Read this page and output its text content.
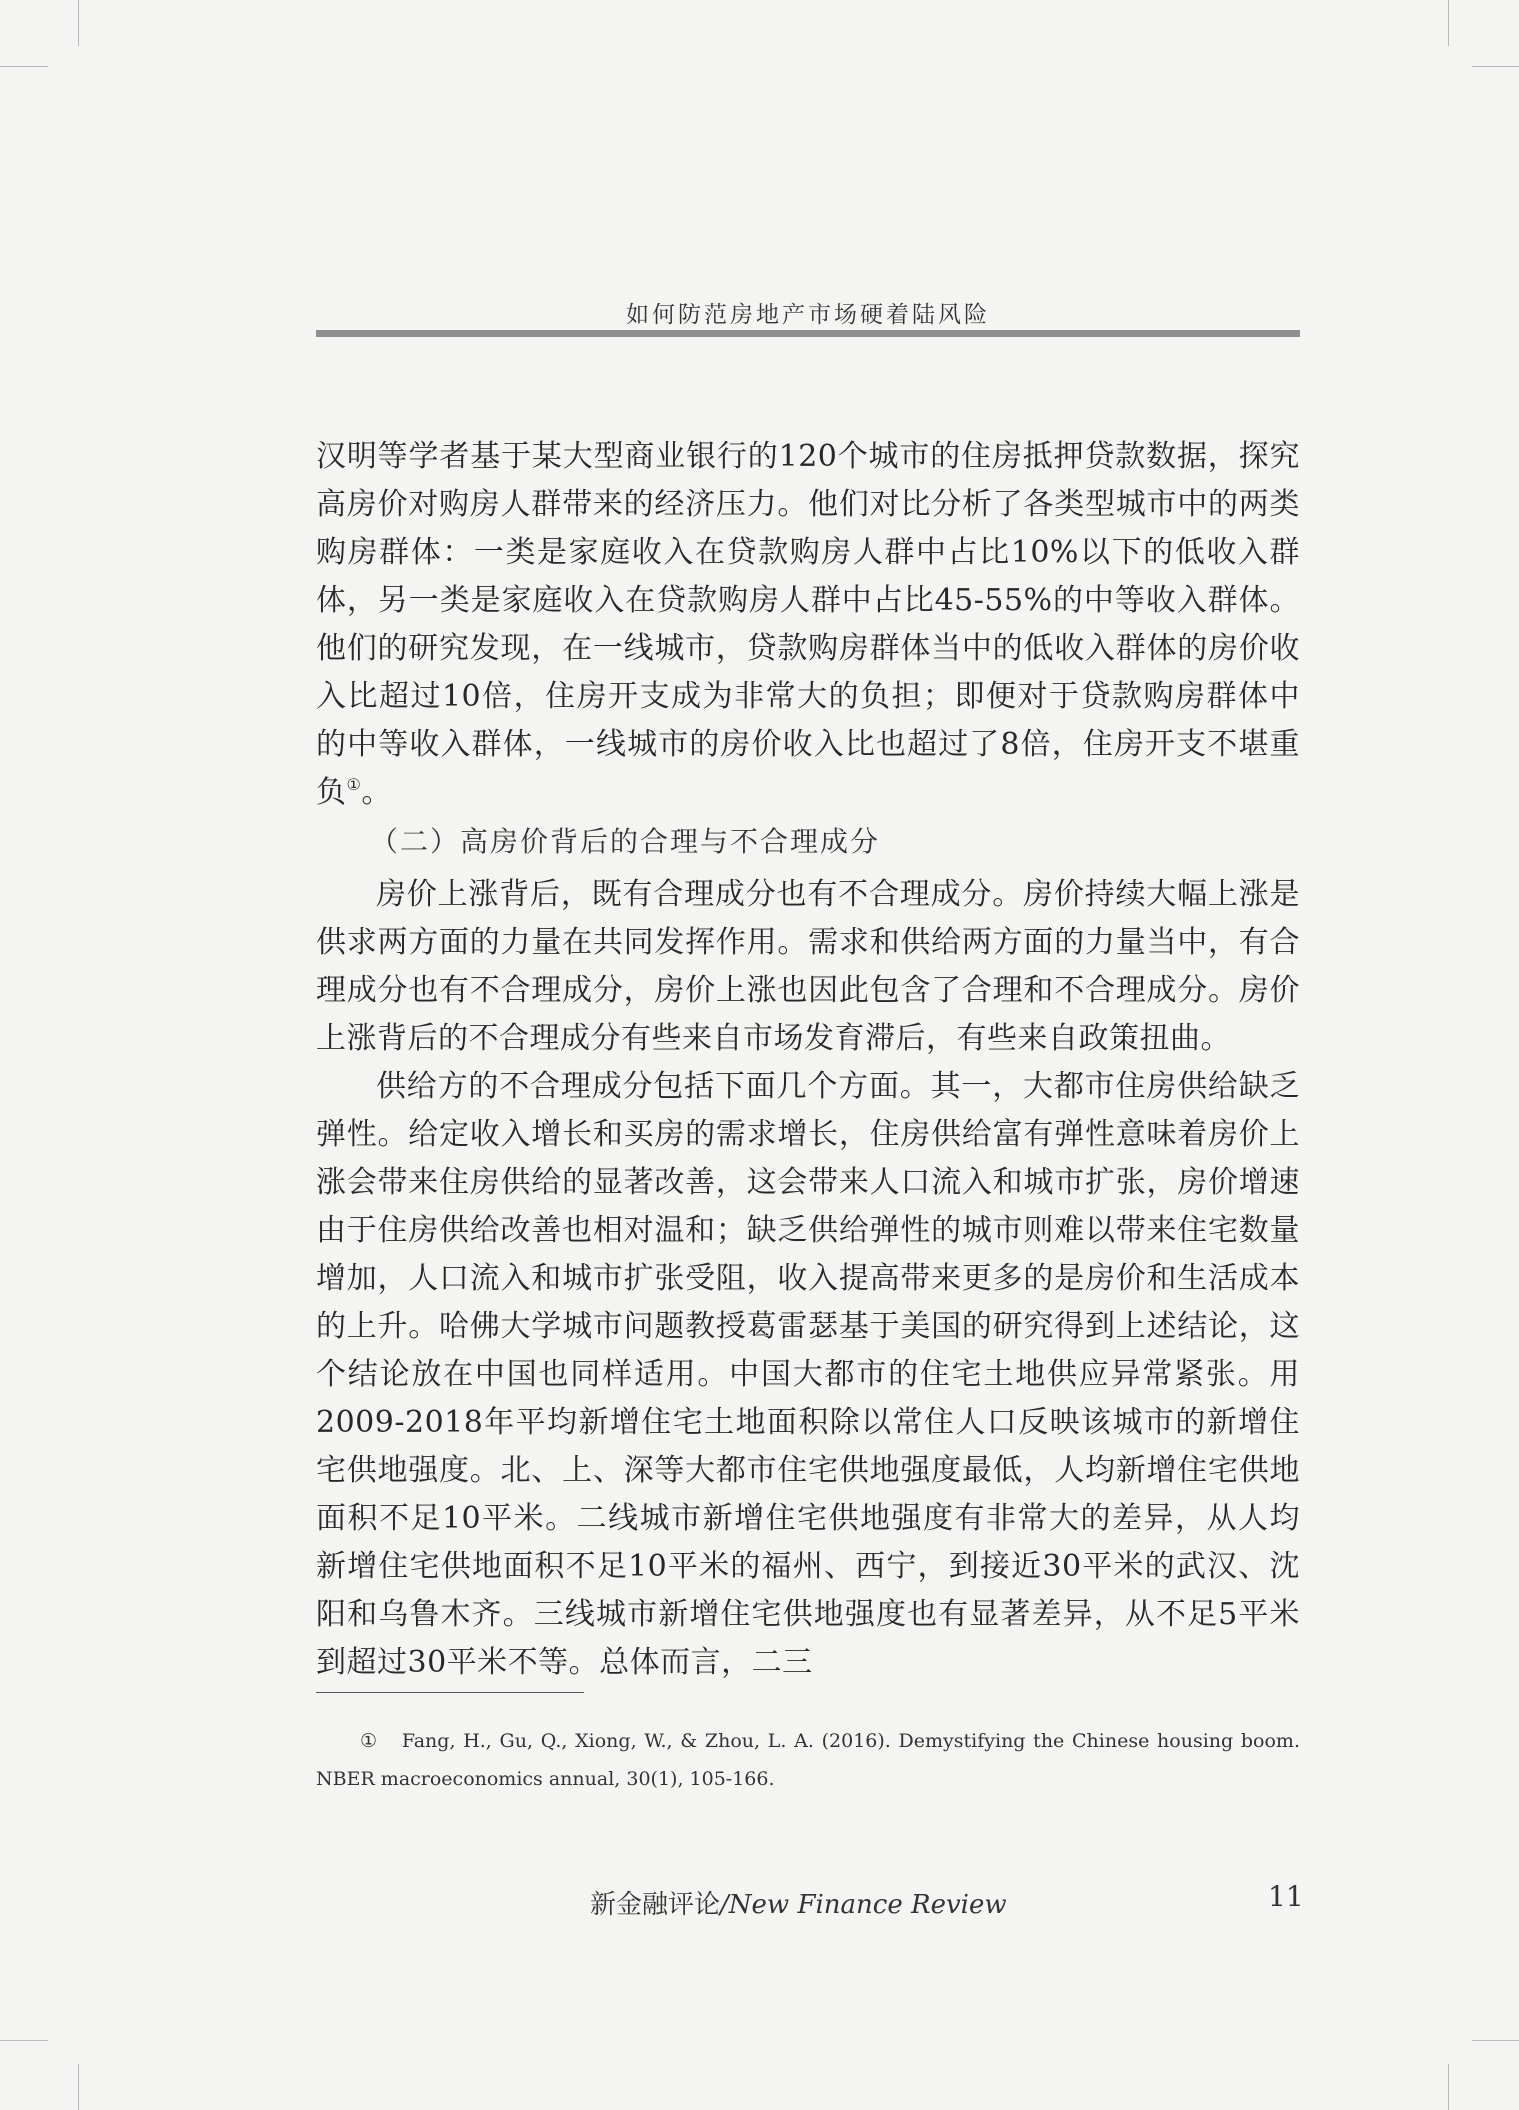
如何防范房地产市场硬着陆风险

汉明等学者基于某大型商业银行的120个城市的住房抵押贷款数据，探究高房价对购房人群带来的经济压力。他们对比分析了各类型城市中的两类购房群体：一类是家庭收入在贷款购房人群中占比10%以下的低收入群体，另一类是家庭收入在贷款购房人群中占比45-55%的中等收入群体。他们的研究发现，在一线城市，贷款购房群体当中的低收入群体的房价收入比超过10倍，住房开支成为非常大的负担；即便对于贷款购房群体中的中等收入群体，一线城市的房价收入比也超过了8倍，住房开支不堪重负①。

（二）高房价背后的合理与不合理成分

房价上涨背后，既有合理成分也有不合理成分。房价持续大幅上涨是供求两方面的力量在共同发挥作用。需求和供给两方面的力量当中，有合理成分也有不合理成分，房价上涨也因此包含了合理和不合理成分。房价上涨背后的不合理成分有些来自市场发育滞后，有些来自政策扭曲。

供给方的不合理成分包括下面几个方面。其一，大都市住房供给缺乏弹性。给定收入增长和买房的需求增长，住房供给富有弹性意味着房价上涨会带来住房供给的显著改善，这会带来人口流入和城市扩张，房价增速由于住房供给改善也相对温和；缺乏供给弹性的城市则难以带来住宅数量增加，人口流入和城市扩张受阻，收入提高带来更多的是房价和生活成本的上升。哈佛大学城市问题教授葛雷瑟基于美国的研究得到上述结论，这个结论放在中国也同样适用。中国大都市的住宅土地供应异常紧张。用2009-2018年平均新增住宅土地面积除以常住人口反映该城市的新增住宅供地强度。北、上、深等大都市住宅供地强度最低，人均新增住宅供地面积不足10平米。二线城市新增住宅供地强度有非常大的差异，从人均新增住宅供地面积不足10平米的福州、西宁，到接近30平米的武汉、沈阳和乌鲁木齐。三线城市新增住宅供地强度也有显著差异，从不足5平米到超过30平米不等。总体而言，二三

① Fang, H., Gu, Q., Xiong, W., & Zhou, L. A. (2016). Demystifying the Chinese housing boom. NBER macroeconomics annual, 30(1), 105-166.

新金融评论/New Finance Review	11
